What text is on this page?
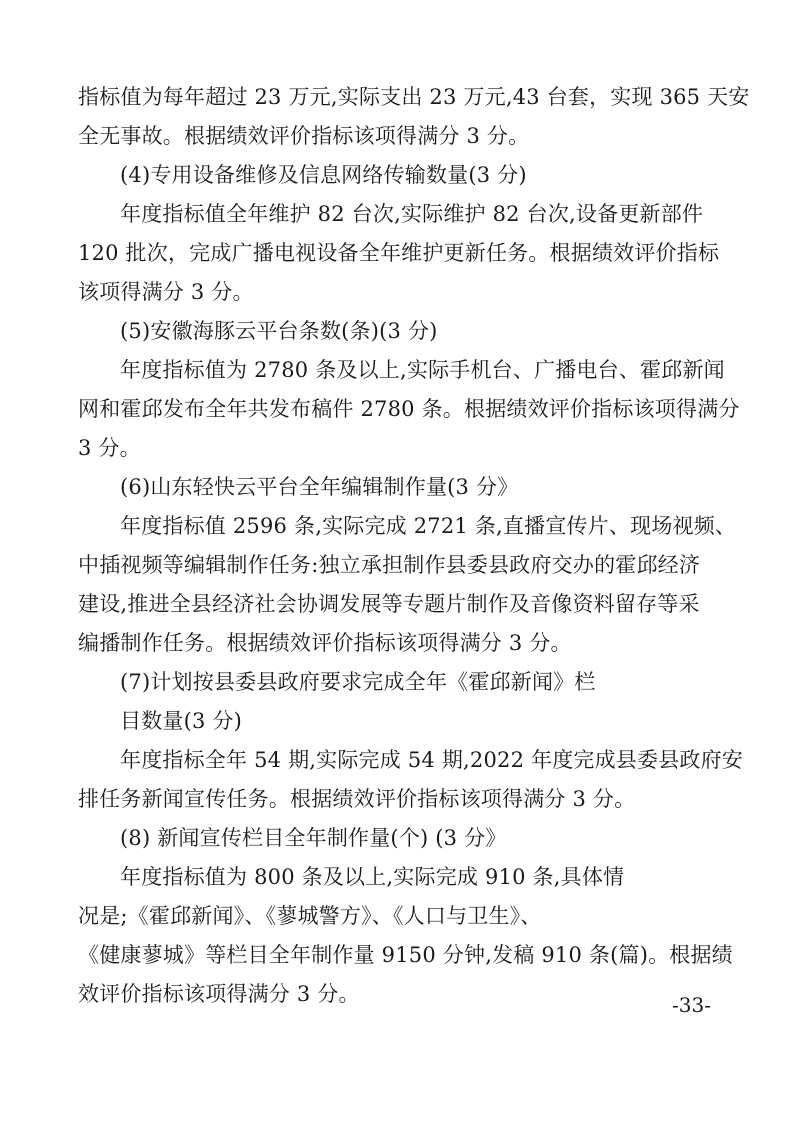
指标值为每年超过 23 万元,实际支出 23 万元,43 台套，实现 365 天安
全无事故。根据绩效评价指标该项得满分 3 分。
(4)专用设备维修及信息网络传输数量(3 分)
年度指标值全年维护 82 台次,实际维护 82 台次,设备更新部件
120 批次，完成广播电视设备全年维护更新任务。根据绩效评价指标
该项得满分 3 分。
(5)安徽海豚云平台条数(条)(3 分)
年度指标值为 2780 条及以上,实际手机台、广播电台、霍邱新闻
网和霍邱发布全年共发布稿件 2780 条。根据绩效评价指标该项得满分
3 分。
(6)山东轻快云平台全年编辑制作量(3 分》
年度指标值 2596 条,实际完成 2721 条,直播宣传片、现场视频、
中插视频等编辑制作任务:独立承担制作县委县政府交办的霍邱经济
建设,推进全县经济社会协调发展等专题片制作及音像资料留存等采
编播制作任务。根据绩效评价指标该项得满分 3 分。
(7)计划按县委县政府要求完成全年《霍邱新闻》栏
目数量(3 分)
年度指标全年 54 期,实际完成 54 期,2022 年度完成县委县政府安
排任务新闻宣传任务。根据绩效评价指标该项得满分 3 分。
(8) 新闻宣传栏目全年制作量(个) (3 分》
年度指标值为 800 条及以上,实际完成 910 条,具体情
况是;《霍邱新闻》、《蓼城警方》、《人口与卫生》、
《健康蓼城》等栏目全年制作量 9150 分钟,发稿 910 条(篇)。根据绩
效评价指标该项得满分 3 分。	-33-
